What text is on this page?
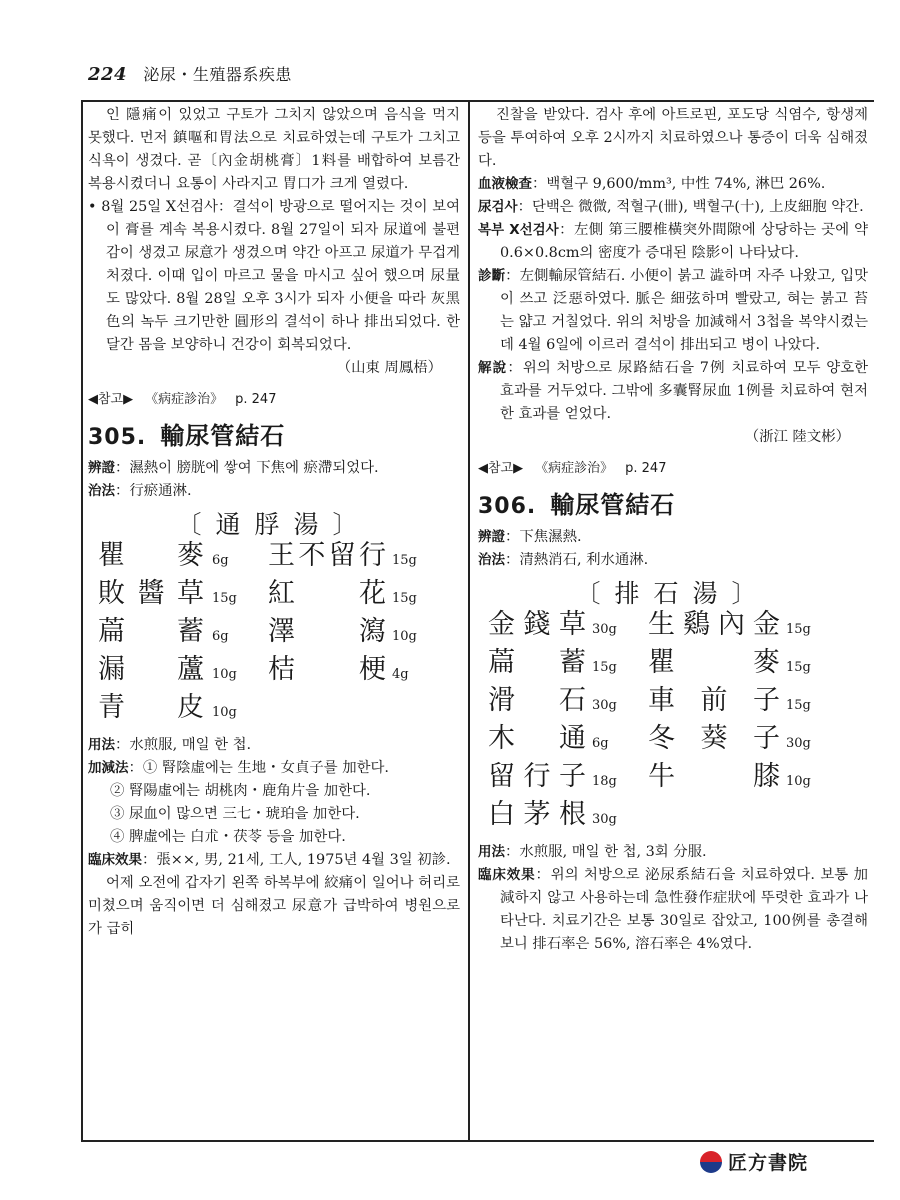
224 泌尿・生殖器系疾患

인 隱痛이 있었고 구토가 그치지 않았으며 음식을 먹지 못했다. 먼저 鎮嘔和胃法으로 치료하였는데 구토가 그치고 식욕이 생겼다. 곧〔內金胡桃膏〕1料를 배합하여 보름간 복용시켰더니 요통이 사라지고 胃口가 크게 열렸다.

• 8월 25일 X선검사：결석이 방광으로 떨어지는 것이 보여 이 膏를 계속 복용시켰다. 8월 27일이 되자 尿道에 불편감이 생겼고 尿意가 생겼으며 약간 아프고 尿道가 무겁게 처졌다. 이때 입이 마르고 물을 마시고 싶어 했으며 尿量도 많았다. 8월 28일 오후 3시가 되자 小便을 따라 灰黑色의 녹두 크기만한 圓形의 결석이 하나 排出되었다. 한 달간 몸을 보양하니 건강이 회복되었다.

（山東 周鳳梧）

◀참고▶ 《病症診治》 p. 247

305. 輸尿管結石

辨證：濕熱이 膀胱에 쌓여 下焦에 瘀滯되었다.

治法：行瘀通淋.

〔通脬湯〕
瞿麥 6g	王不留行 15g
敗醬草 15g	紅花 15g
萹蓄 6g	澤瀉 10g
漏蘆 10g	桔梗 4g
青皮 10g

用法：水煎服, 매일 한 첩.

加減法：① 腎陰虛에는 生地・女貞子를 加한다.

② 腎陽虛에는 胡桃肉・鹿角片을 加한다.

③ 尿血이 많으면 三七・琥珀을 加한다.

④ 脾虛에는 白朮・茯苓 등을 加한다.

臨床效果：張××, 男, 21세, 工人, 1975년 4월 3일 初診.

어제 오전에 갑자기 왼쪽 하복부에 絞痛이 일어나 허리로 미쳤으며 움직이면 더 심해졌고 尿意가 급박하여 병원으로 가 급히

진찰을 받았다. 검사 후에 아트로핀, 포도당 식염수, 항생제 등을 투여하여 오후 2시까지 치료하였으나 통증이 더욱 심해졌다.

血液檢查：백혈구 9,600/mm³, 中性 74%, 淋巴 26%.

尿검사：단백은 微微, 적혈구(卌), 백혈구(十), 上皮細胞 약간.

복부 X선검사：左側 第三腰椎橫突外間隙에 상당하는 곳에 약 0.6×0.8cm의 密度가 증대된 陰影이 나타났다.

診斷：左側輸尿管結石. 小便이 붉고 澁하며 자주 나왔고, 입맛이 쓰고 泛惡하였다. 脈은 細弦하며 빨랐고, 혀는 붉고 苔는 얇고 거칠었다. 위의 처방을 加減해서 3첩을 복약시켰는데 4월 6일에 이르러 결석이 排出되고 병이 나았다.

解說：위의 처방으로 尿路結石을 7例 치료하여 모두 양호한 효과를 거두었다. 그밖에 多囊腎尿血 1例를 치료하여 현저한 효과를 얻었다.

（浙江 陸文彬）

◀참고▶ 《病症診治》 p. 247

306. 輸尿管結石

辨證：下焦濕熱.

治法：清熱消石, 利水通淋.

〔排石湯〕
金錢草 30g	生鷄內金 15g
萹蓄 15g	瞿麥 15g
滑石 30g	車前子 15g
木通 6g	冬葵子 30g
留行子 18g	牛膝 10g
白茅根 30g

用法：水煎服, 매일 한 첩, 3회 分服.

臨床效果：위의 처방으로 泌尿系結石을 치료하였다. 보통 加減하지 않고 사용하는데 急性發作症狀에 뚜렷한 효과가 나타난다. 치료기간은 보통 30일로 잡았고, 100例를 총결해보니 排石率은 56%, 溶石率은 4%였다.

匠方書院
